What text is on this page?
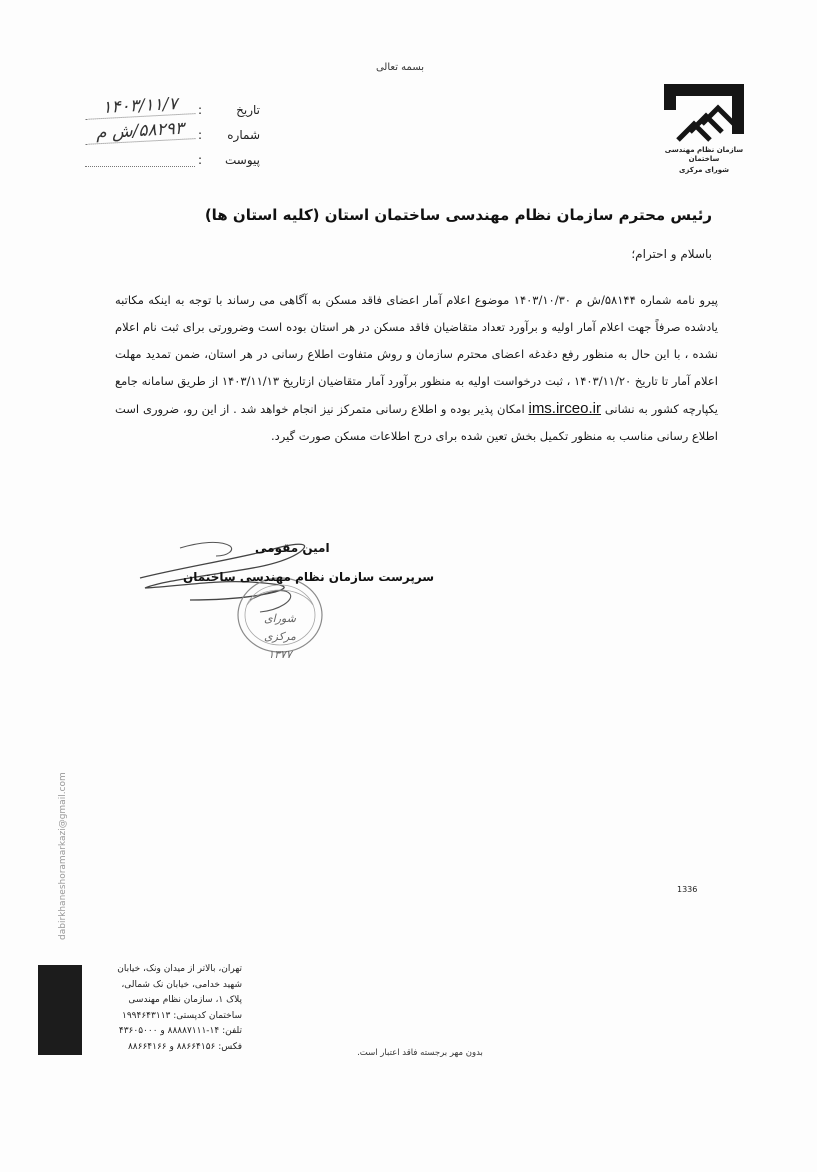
بسمه تعالی
سازمان نظام مهندسی ساختمان
شورای مرکزی
تاریخ
:
۱۴۰۳/۱۱/۷
شماره
:
۵۸۲۹۳/ش م
پیوست
:
رئیس محترم سازمان نظام مهندسی ساختمان استان (کلیه استان ها)
باسلام و احترام؛

پیرو نامه شماره ۵۸۱۴۴/ش م ۱۴۰۳/۱۰/۳۰ موضوع اعلام آمار اعضای فاقد مسکن به آگاهی می رساند با توجه به اینکه مکاتبه یادشده صرفاً جهت اعلام آمار اولیه و برآورد تعداد متقاضیان فاقد مسکن در هر استان بوده است وضرورتی برای ثبت نام اعلام نشده ، با این حال به منظور رفع دغدغه اعضای محترم سازمان و روش متفاوت اطلاع رسانی در هر استان، ضمن تمدید مهلت اعلام آمار تا تاریخ ۱۴۰۳/۱۱/۲۰ ، ثبت درخواست اولیه به منظور برآورد آمار متقاضیان ازتاریخ ۱۴۰۳/۱۱/۱۳ از طریق سامانه جامع یکپارچه کشور به نشانی ims.irceo.ir امکان پذیر بوده و اطلاع رسانی متمرکز نیز انجام خواهد شد . از این رو، ضروری است اطلاع رسانی مناسب به منظور تکمیل بخش تعین شده برای درج اطلاعات مسکن صورت گیرد.

شورای مرکزی
۱۳۷۷
امین مقومی
سرپرست سازمان نظام مهندسی ساختمان
dabirkhaneshoramarkazi@gmail.com	1336
تهران، بالاتر از میدان ونک، خیابان
شهید خدامی، خیابان نک شمالی،
پلاک ۱، سازمان نظام مهندسی
ساختمان کدپستی: ۱۹۹۴۶۴۳۱۱۳
تلفن: ۱۴-۸۸۸۸۷۱۱۱ و ۴۳۶۰۵۰۰۰
فکس: ۸۸۶۶۴۱۵۶ و ۸۸۶۶۴۱۶۶
بدون مهر برجسته فاقد اعتبار است.
